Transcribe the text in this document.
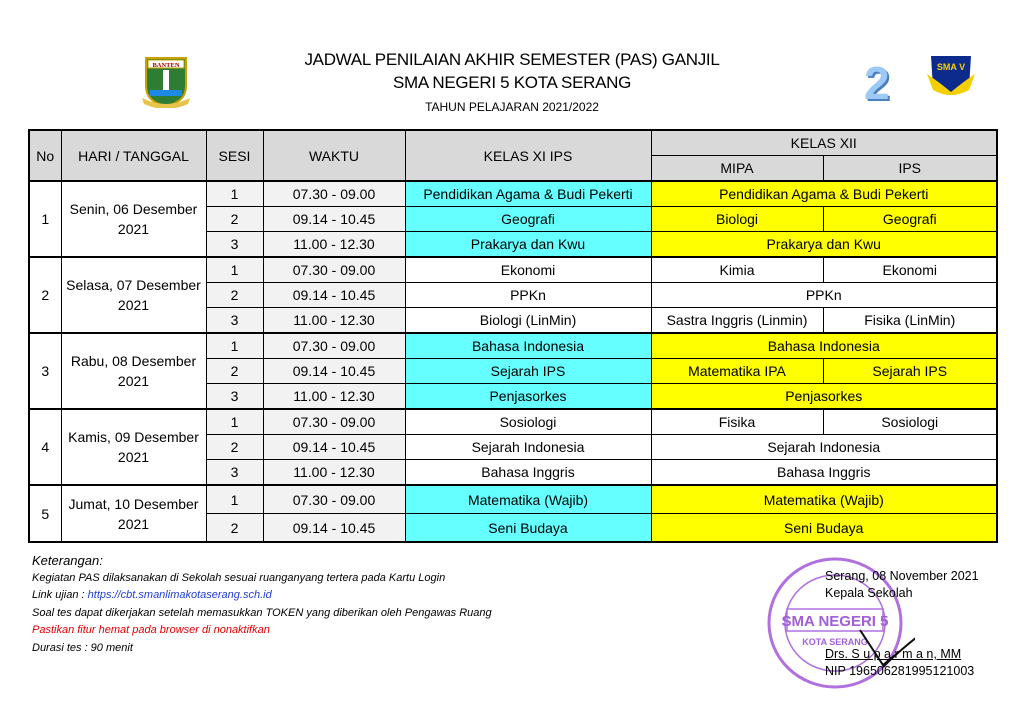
BANTEN	JADWAL PENILAIAN AKHIR SEMESTER (PAS) GANJIL
SMA NEGERI 5 KOTA SERANG
TAHUN PELAJARAN 2021/2022	2	SMA V
No	HARI / TANGGAL	SESI	WAKTU	KELAS XI IPS	KELAS XII	
					MIPA	IPS
1	Senin, 06 Desember 2021	1	07.30 - 09.00	Pendidikan Agama & Budi Pekerti	Pendidikan Agama & Budi Pekerti	
		2	09.14 - 10.45	Geografi	Biologi	Geografi
		3	11.00 - 12.30	Prakarya dan Kwu	Prakarya dan Kwu	
2	Selasa, 07 Desember 2021	1	07.30 - 09.00	Ekonomi	Kimia	Ekonomi
		2	09.14 - 10.45	PPKn	PPKn	
		3	11.00 - 12.30	Biologi (LinMin)	Sastra Inggris (Linmin)	Fisika (LinMin)
3	Rabu, 08 Desember 2021	1	07.30 - 09.00	Bahasa Indonesia	Bahasa Indonesia	
		2	09.14 - 10.45	Sejarah IPS	Matematika IPA	Sejarah IPS
		3	11.00 - 12.30	Penjasorkes	Penjasorkes	
4	Kamis, 09 Desember 2021	1	07.30 - 09.00	Sosiologi	Fisika	Sosiologi
		2	09.14 - 10.45	Sejarah Indonesia	Sejarah Indonesia	
		3	11.00 - 12.30	Bahasa Inggris	Bahasa Inggris	
5	Jumat, 10 Desember 2021	1	07.30 - 09.00	Matematika (Wajib)	Matematika (Wajib)	
		2	09.14 - 10.45	Seni Budaya	Seni Budaya	
Keterangan:
Kegiatan PAS dilaksanakan di Sekolah sesuai ruanganyang tertera pada Kartu Login
Link ujian : https://cbt.smanlimakotaserang.sch.id
Soal tes dapat dikerjakan setelah memasukkan TOKEN yang diberikan oleh Pengawas Ruang
Pastikan fitur hemat pada browser di nonaktifkan
Durasi tes : 90 menit
SMA NEGERI 5
KOTA SERANG
Serang, 08 November 2021
Kepala Sekolah
Drs. S u p a r m a n, MM
NIP 196506281995121003
